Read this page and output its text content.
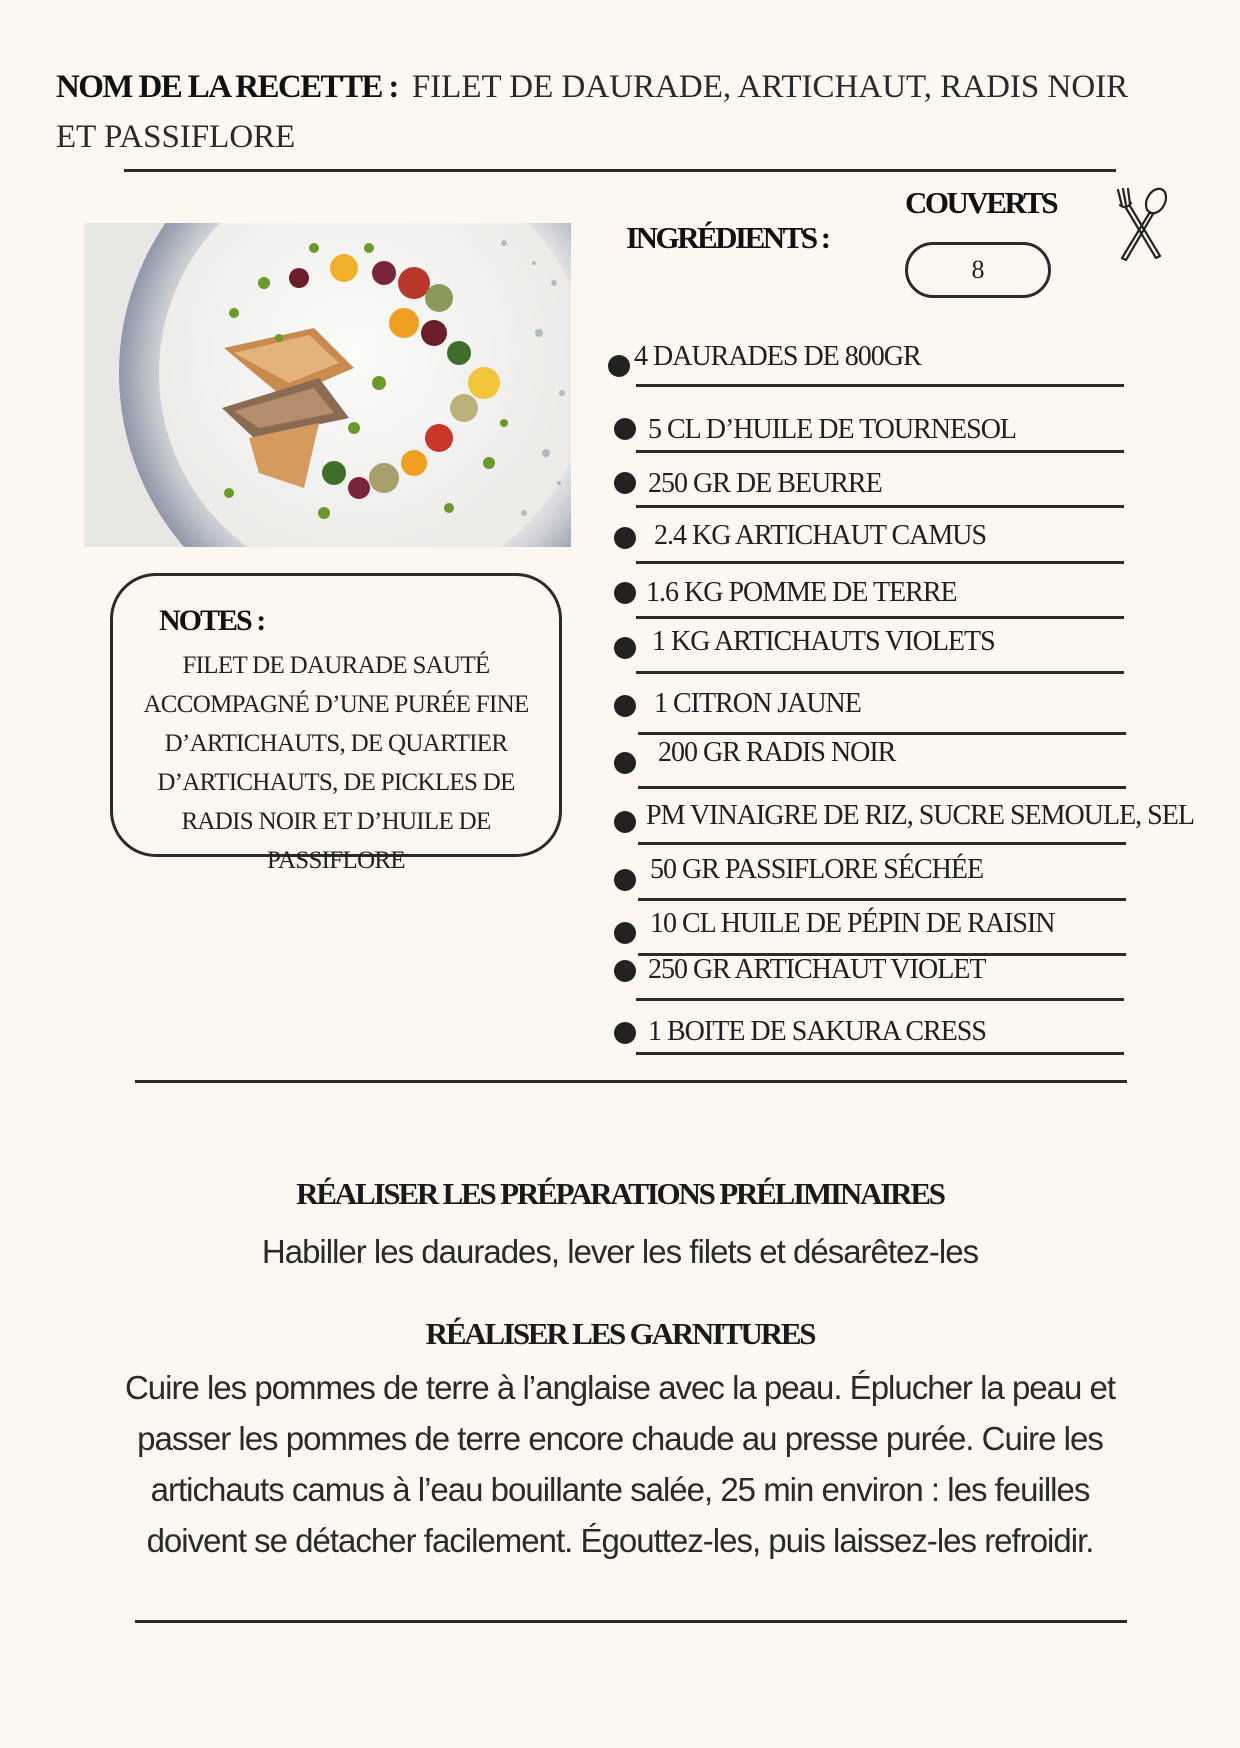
NOM DE LA RECETTE : FILET DE DAURADE, ARTICHAUT, RADIS NOIR ET PASSIFLORE
NOTES :
FILET DE DAURADE SAUTÉ ACCOMPAGNÉ D’UNE PURÉE FINE D’ARTICHAUTS, DE QUARTIER D’ARTICHAUTS, DE PICKLES DE RADIS NOIR ET D’HUILE DE PASSIFLORE
INGRÉDIENTS :
COUVERTS
8
4 DAURADES DE 800GR
5 CL D’HUILE DE TOURNESOL
250 GR DE BEURRE
2.4 KG ARTICHAUT CAMUS
1.6 KG POMME DE TERRE
1 KG ARTICHAUTS VIOLETS
1 CITRON JAUNE
200 GR RADIS NOIR
PM VINAIGRE DE RIZ, SUCRE SEMOULE, SEL
50 GR PASSIFLORE SÉCHÉE
10 CL HUILE DE PÉPIN DE RAISIN
250 GR ARTICHAUT VIOLET
1 BOITE DE SAKURA CRESS
RÉALISER LES PRÉPARATIONS PRÉLIMINAIRES
Habiller les daurades, lever les filets et désarêtez-les
RÉALISER LES GARNITURES
Cuire les pommes de terre à l’anglaise avec la peau. Éplucher la peau et passer les pommes de terre encore chaude au presse purée. Cuire les artichauts camus à l’eau bouillante salée, 25 min environ : les feuilles doivent se détacher facilement. Égouttez-les, puis laissez-les refroidir.
